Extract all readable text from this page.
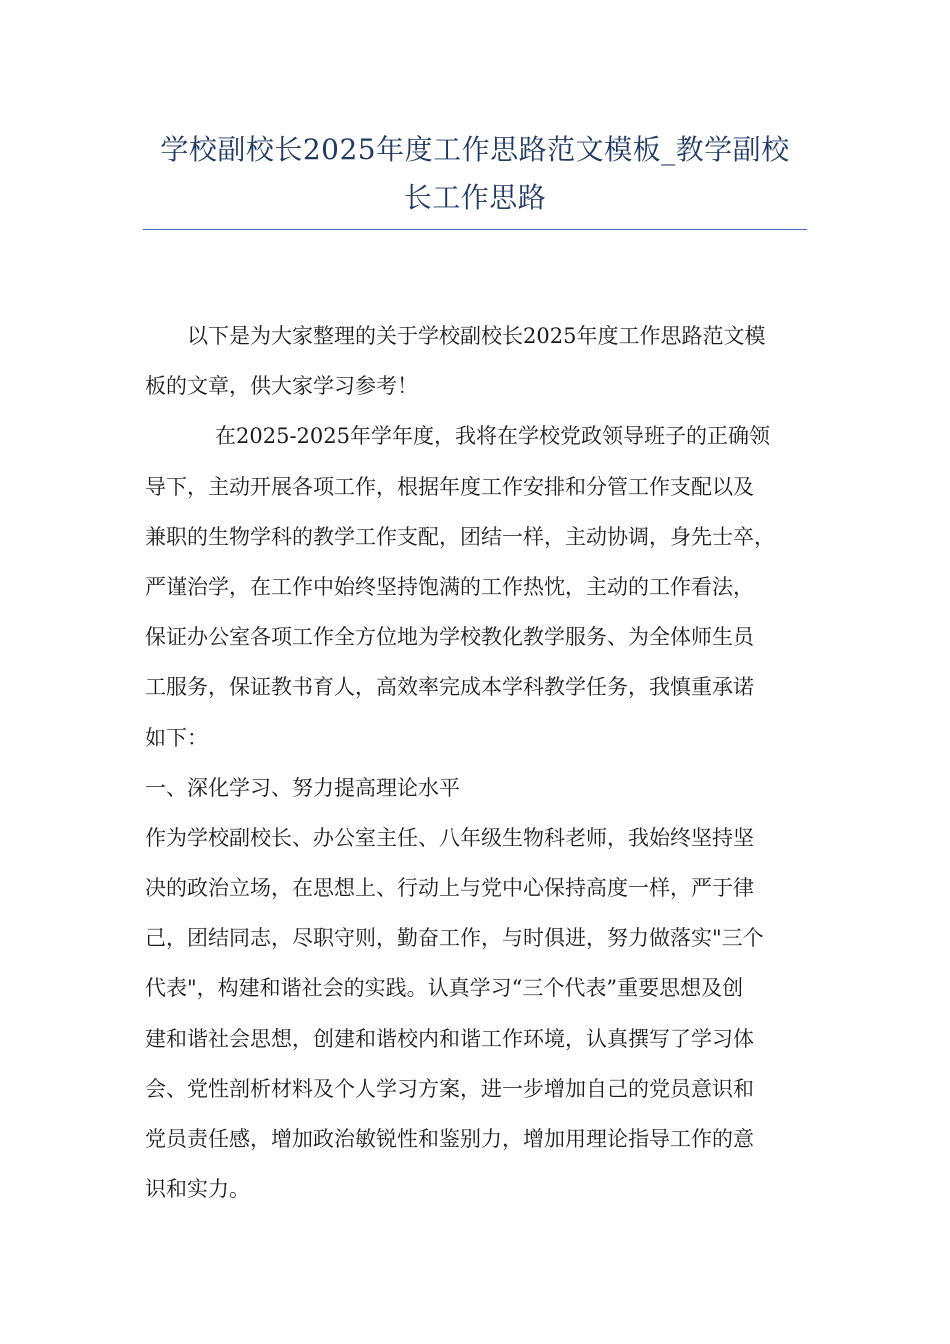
学校副校长2025年度工作思路范文模板_教学副校
长工作思路
以下是为大家整理的关于学校副校长2025年度工作思路范文模
板的文章，供大家学习参考！
在2025-2025年学年度，我将在学校党政领导班子的正确领
导下，主动开展各项工作，根据年度工作安排和分管工作支配以及
兼职的生物学科的教学工作支配，团结一样，主动协调，身先士卒，
严谨治学，在工作中始终坚持饱满的工作热忱，主动的工作看法，
保证办公室各项工作全方位地为学校教化教学服务、为全体师生员
工服务，保证教书育人，高效率完成本学科教学任务，我慎重承诺
如下：
一、深化学习、努力提高理论水平
作为学校副校长、办公室主任、八年级生物科老师，我始终坚持坚
决的政治立场，在思想上、行动上与党中心保持高度一样，严于律
己，团结同志，尽职守则，勤奋工作，与时俱进，努力做落实"三个
代表"，构建和谐社会的实践。认真学习“三个代表”重要思想及创
建和谐社会思想，创建和谐校内和谐工作环境，认真撰写了学习体
会、党性剖析材料及个人学习方案，进一步增加自己的党员意识和
党员责任感，增加政治敏锐性和鉴别力，增加用理论指导工作的意
识和实力。
